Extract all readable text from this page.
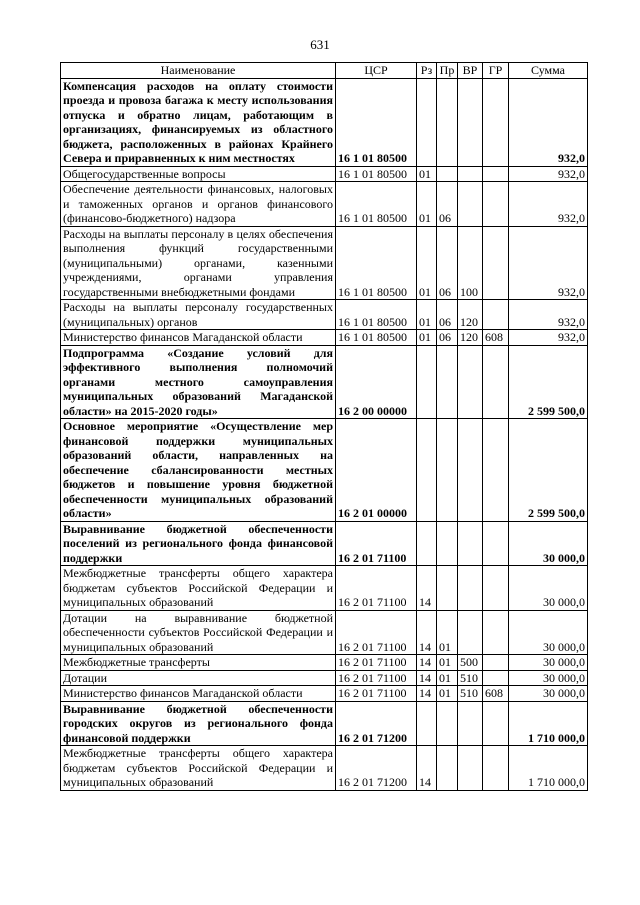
631
Наименование	ЦСР	Рз	Пр	ВР	ГР	Сумма
Компенсация расходов на оплату стоимости проезда и провоза багажа к месту использования отпуска и обратно лицам, работающим в организациях, финансируемых из областного бюджета, расположенных в районах Крайнего Севера и приравненных к ним местностях	16 1 01 80500					932,0
Общегосударственные вопросы	16 1 01 80500	01				932,0
Обеспечение деятельности финансовых, налоговых и таможенных органов и органов финансового (финансово-бюджетного) надзора	16 1 01 80500	01	06			932,0
Расходы на выплаты персоналу в целях обеспечения выполнения функций государственными (муниципальными) органами, казенными учреждениями, органами управления государственными внебюджетными фондами	16 1 01 80500	01	06	100		932,0
Расходы на выплаты персоналу государственных (муниципальных) органов	16 1 01 80500	01	06	120		932,0
Министерство финансов Магаданской области	16 1 01 80500	01	06	120	608	932,0
Подпрограмма «Создание условий для эффективного выполнения полномочий органами местного самоуправления муниципальных образований Магаданской области» на 2015-2020 годы»	16 2 00 00000					2 599 500,0
Основное мероприятие «Осуществление мер финансовой поддержки муниципальных образований области, направленных на обеспечение сбалансированности местных бюджетов и повышение уровня бюджетной обеспеченности муниципальных образований области»	16 2 01 00000					2 599 500,0
Выравнивание бюджетной обеспеченности поселений из регионального фонда финансовой поддержки	16 2 01 71100					30 000,0
Межбюджетные трансферты общего характера бюджетам субъектов Российской Федерации и муниципальных образований	16 2 01 71100	14				30 000,0
Дотации на выравнивание бюджетной обеспеченности субъектов Российской Федерации и муниципальных образований	16 2 01 71100	14	01			30 000,0
Межбюджетные трансферты	16 2 01 71100	14	01	500		30 000,0
Дотации	16 2 01 71100	14	01	510		30 000,0
Министерство финансов Магаданской области	16 2 01 71100	14	01	510	608	30 000,0
Выравнивание бюджетной обеспеченности городских округов из регионального фонда финансовой поддержки	16 2 01 71200					1 710 000,0
Межбюджетные трансферты общего характера бюджетам субъектов Российской Федерации и муниципальных образований	16 2 01 71200	14				1 710 000,0
